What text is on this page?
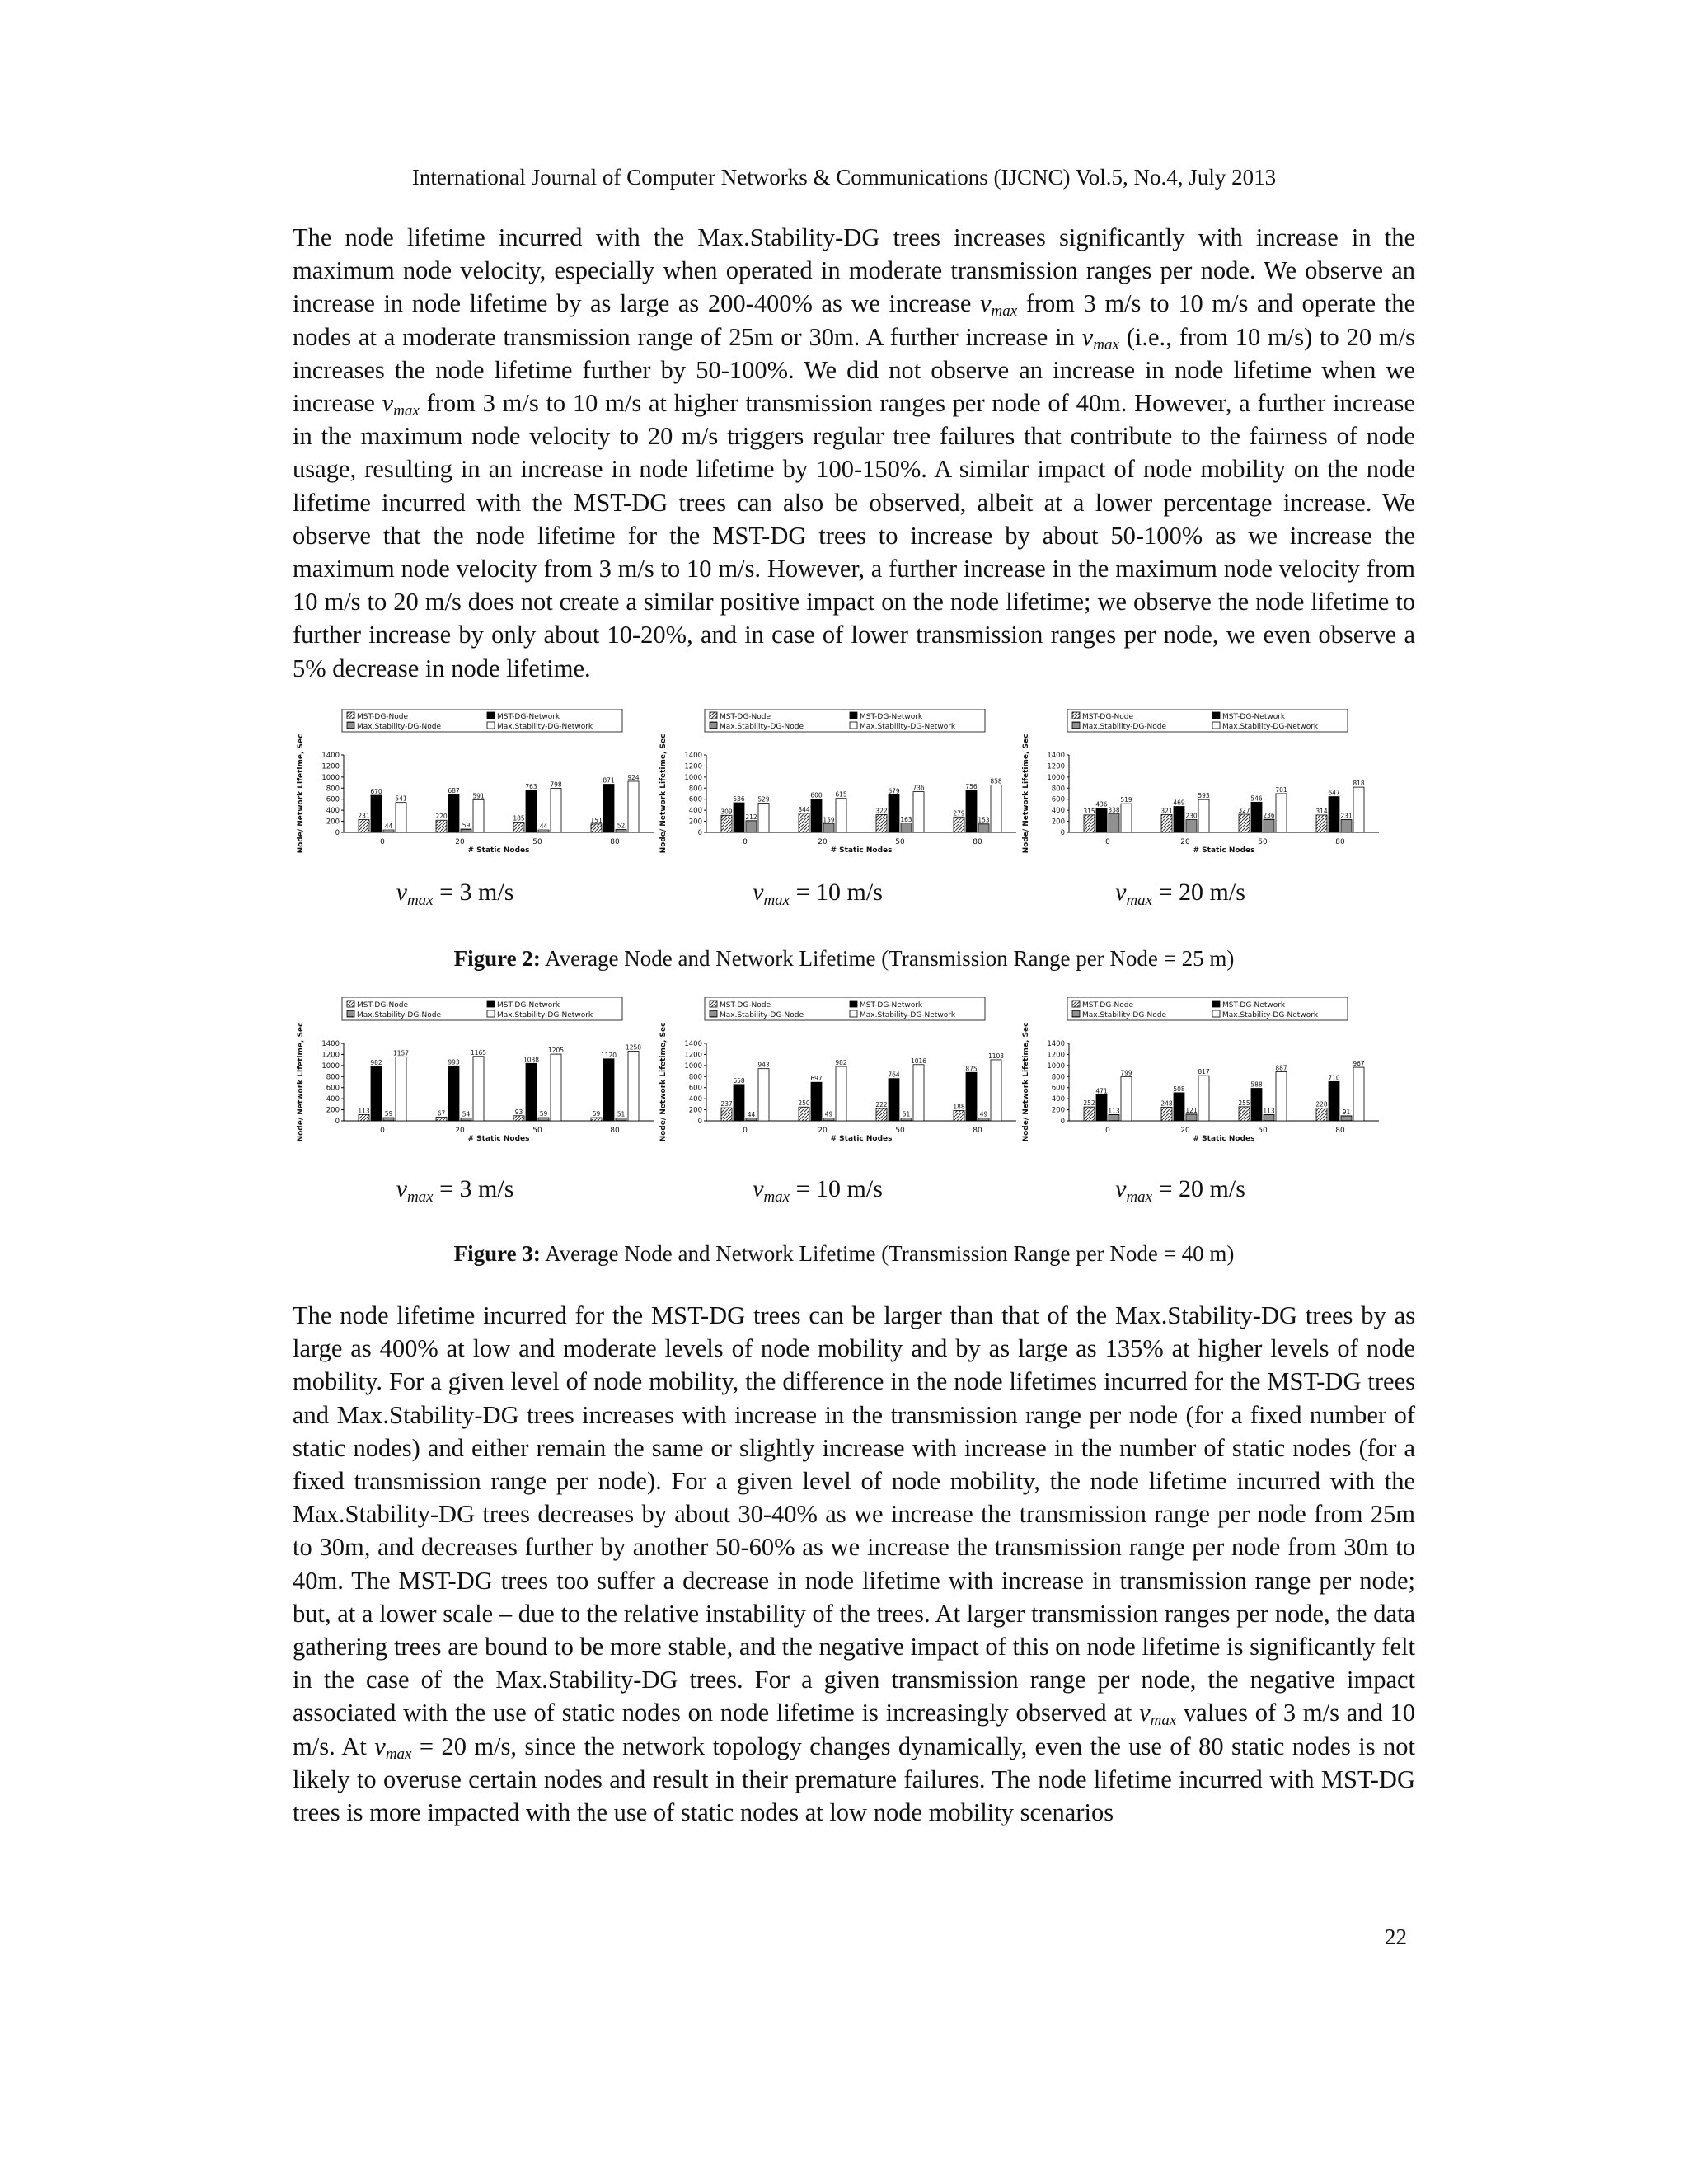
International Journal of Computer Networks & Communications (IJCNC) Vol.5, No.4, July 2013
The node lifetime incurred with the Max.Stability-DG trees increases significantly with increase in the maximum node velocity, especially when operated in moderate transmission ranges per node. We observe an increase in node lifetime by as large as 200-400% as we increase $v_{max}$ from 3 m/s to 10 m/s and operate the nodes at a moderate transmission range of 25m or 30m. A further increase in $v_{max}$ (i.e., from 10 m/s) to 20 m/s increases the node lifetime further by 50-100%. We did not observe an increase in node lifetime when we increase $v_{max}$ from 3 m/s to 10 m/s at higher transmission ranges per node of 40m. However, a further increase in the maximum node velocity to 20 m/s triggers regular tree failures that contribute to the fairness of node usage, resulting in an increase in node lifetime by 100-150%. A similar impact of node mobility on the node lifetime incurred with the MST-DG trees can also be observed, albeit at a lower percentage increase. We observe that the node lifetime for the MST-DG trees to increase by about 50-100% as we increase the maximum node velocity from 3 m/s to 10 m/s. However, a further increase in the maximum node velocity from 10 m/s to 20 m/s does not create a similar positive impact on the node lifetime; we observe the node lifetime to further increase by only about 10-20%, and in case of lower transmission ranges per node, we even observe a 5% decrease in node lifetime.
MST-DG-Node	MST-DG-Network
Max.Stability-DG-Node	Max.Stability-DG-Network
0
200
400
600
800
1000
1200
1400
Node/ Network Lifetime, Sec	231
670
44
541
0
220
687
59
591
20
185
763
44
798
50
151
871
52
924
80
# Static Nodes
MST-DG-Node	MST-DG-Network
Max.Stability-DG-Node	Max.Stability-DG-Network
0
200
400
600
800
1000
1200
1400
Node/ Network Lifetime, Sec	309
536
212
529
0
344
600
159
615
20
322
679
163
736
50
279
756
153
858
80
# Static Nodes
MST-DG-Node	MST-DG-Network
Max.Stability-DG-Node	Max.Stability-DG-Network
0
200
400
600
800
1000
1200
1400
Node/ Network Lifetime, Sec	315
436
338
519
0
321
469
230
593
20
327
546
236
701
50
314
647
231
818
80
# Static Nodes
$v_{max} = 3$ m/s	$v_{max} = 10$ m/s	$v_{max} = 20$ m/s
Figure 2: Average Node and Network Lifetime (Transmission Range per Node = 25 m)
MST-DG-Node	MST-DG-Network
Max.Stability-DG-Node	Max.Stability-DG-Network
0
200
400
600
800
1000
1200
1400
Node/ Network Lifetime, Sec	113
982
59
1157
0
67
993
54
1165
20
93
1038
59
1205
50
59
1120
51
1258
80
# Static Nodes
MST-DG-Node	MST-DG-Network
Max.Stability-DG-Node	Max.Stability-DG-Network
0
200
400
600
800
1000
1200
1400
Node/ Network Lifetime, Sec	237
658
44
943
0
250
697
49
982
20
222
764
51
1016
50
188
875
49
1103
80
# Static Nodes
MST-DG-Node	MST-DG-Network
Max.Stability-DG-Node	Max.Stability-DG-Network
0
200
400
600
800
1000
1200
1400
Node/ Network Lifetime, Sec	252
471
113
799
0
248
508
121
817
20
255
588
113
887
50
228
710
91
967
80
# Static Nodes
$v_{max} = 3$ m/s	$v_{max} = 10$ m/s	$v_{max} = 20$ m/s
Figure 3: Average Node and Network Lifetime (Transmission Range per Node = 40 m)
The node lifetime incurred for the MST-DG trees can be larger than that of the Max.Stability-DG trees by as large as 400% at low and moderate levels of node mobility and by as large as 135% at higher levels of node mobility. For a given level of node mobility, the difference in the node lifetimes incurred for the MST-DG trees and Max.Stability-DG trees increases with increase in the transmission range per node (for a fixed number of static nodes) and either remain the same or slightly increase with increase in the number of static nodes (for a fixed transmission range per node). For a given level of node mobility, the node lifetime incurred with the Max.Stability-DG trees decreases by about 30-40% as we increase the transmission range per node from 25m to 30m, and decreases further by another 50-60% as we increase the transmission range per node from 30m to 40m. The MST-DG trees too suffer a decrease in node lifetime with increase in transmission range per node; but, at a lower scale – due to the relative instability of the trees. At larger transmission ranges per node, the data gathering trees are bound to be more stable, and the negative impact of this on node lifetime is significantly felt in the case of the Max.Stability-DG trees. For a given transmission range per node, the negative impact associated with the use of static nodes on node lifetime is increasingly observed at $v_{max}$ values of 3 m/s and 10 m/s. At $v_{max} = 20$ m/s, since the network topology changes dynamically, even the use of 80 static nodes is not likely to overuse certain nodes and result in their premature failures. The node lifetime incurred with MST-DG trees is more impacted with the use of static nodes at low node mobility scenarios
22
